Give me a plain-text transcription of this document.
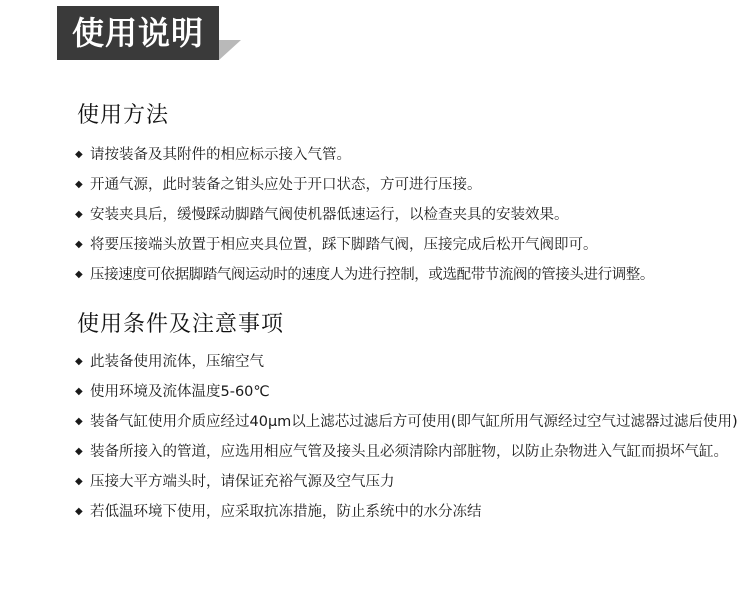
使用说明
使用方法
◆ 请按装备及其附件的相应标示接入气管。
◆ 开通气源，此时装备之钳头应处于开口状态，方可进行压接。
◆ 安装夹具后，缓慢踩动脚踏气阀使机器低速运行，以检查夹具的安装效果。
◆ 将要压接端头放置于相应夹具位置，踩下脚踏气阀，压接完成后松开气阀即可。
◆ 压接速度可依据脚踏气阀运动时的速度人为进行控制，或选配带节流阀的管接头进行调整。
使用条件及注意事项
◆ 此装备使用流体，压缩空气
◆ 使用环境及流体温度5-60℃
◆ 装备气缸使用介质应经过40μm以上滤芯过滤后方可使用(即气缸所用气源经过空气过滤器过滤后使用)
◆ 装备所接入的管道，应选用相应气管及接头且必须清除内部脏物，以防止杂物进入气缸而损坏气缸。
◆ 压接大平方端头时，请保证充裕气源及空气压力
◆ 若低温环境下使用，应采取抗冻措施，防止系统中的水分冻结
